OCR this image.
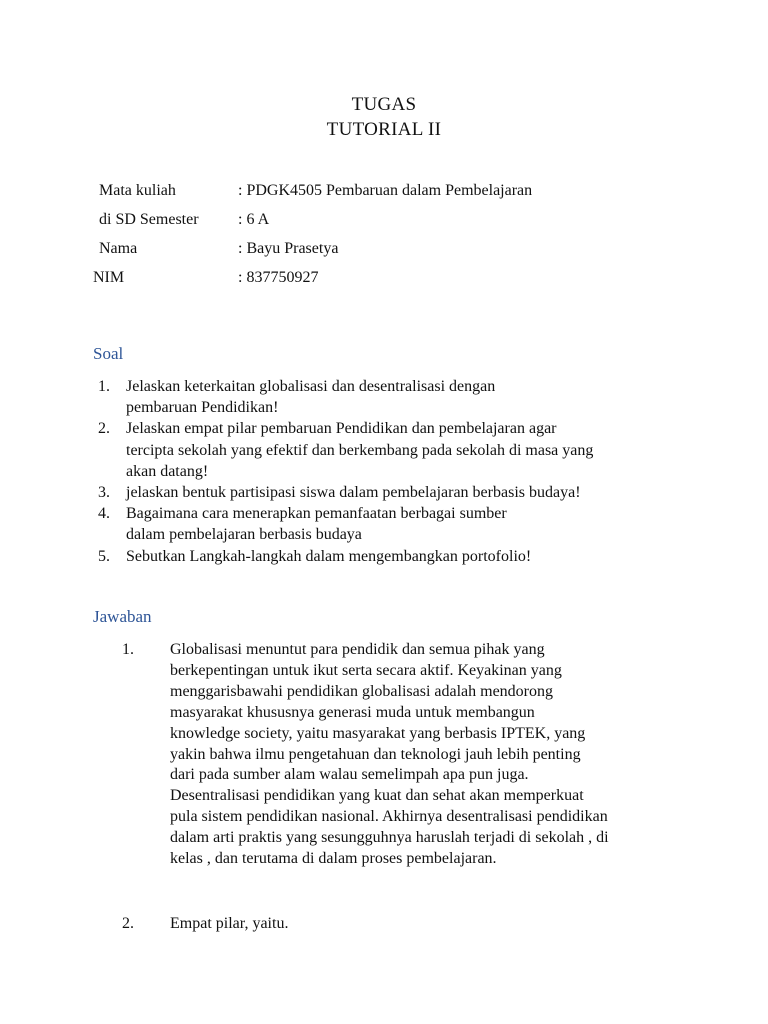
TUGAS
TUTORIAL II
Mata kuliah	: PDGK4505 Pembaruan dalam Pembelajaran
di SD Semester : 6 A
Nama	: Bayu Prasetya
NIM	: 837750927
Soal
1. Jelaskan keterkaitan globalisasi dan desentralisasi dengan
pembaruan Pendidikan!
2. Jelaskan empat pilar pembaruan Pendidikan dan pembelajaran agar
tercipta sekolah yang efektif dan berkembang pada sekolah di masa yang
akan datang!
3. jelaskan bentuk partisipasi siswa dalam pembelajaran berbasis budaya!
4. Bagaimana cara menerapkan pemanfaatan berbagai sumber
dalam pembelajaran berbasis budaya
5. Sebutkan Langkah-langkah dalam mengembangkan portofolio!
Jawaban
1. Globalisasi menuntut para pendidik dan semua pihak yang
berkepentingan untuk ikut serta secara aktif. Keyakinan yang
menggarisbawahi pendidikan globalisasi adalah mendorong
masyarakat khususnya generasi muda untuk membangun
knowledge society, yaitu masyarakat yang berbasis IPTEK, yang
yakin bahwa ilmu pengetahuan dan teknologi jauh lebih penting
dari pada sumber alam walau semelimpah apa pun juga.
Desentralisasi pendidikan yang kuat dan sehat akan memperkuat
pula sistem pendidikan nasional. Akhirnya desentralisasi pendidikan
dalam arti praktis yang sesungguhnya haruslah terjadi di sekolah , di
kelas , dan terutama di dalam proses pembelajaran.
2. Empat pilar, yaitu.
